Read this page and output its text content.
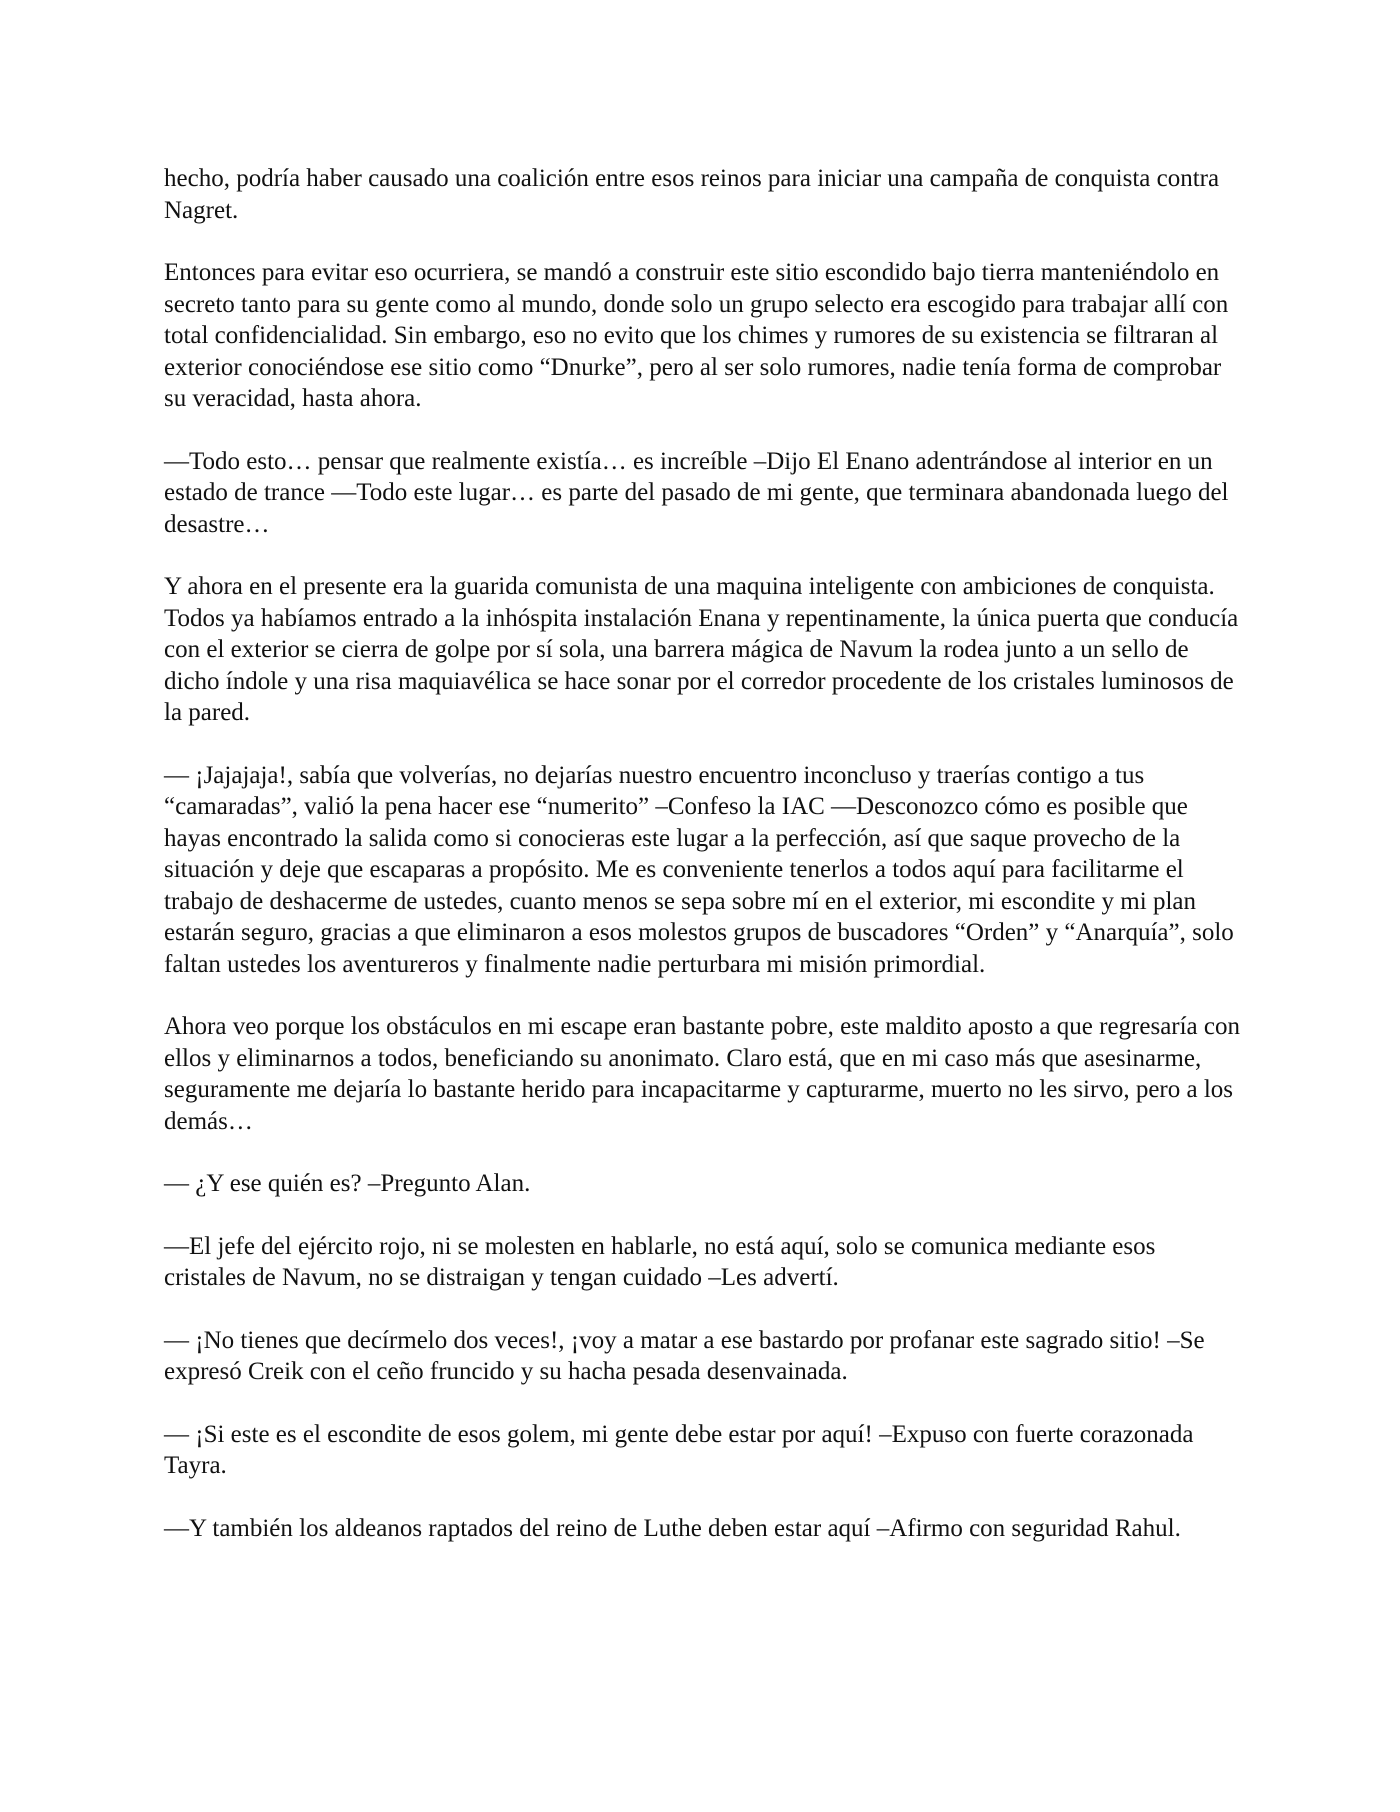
hecho, podría haber causado una coalición entre esos reinos para iniciar una campaña de conquista contra Nagret.

Entonces para evitar eso ocurriera, se mandó a construir este sitio escondido bajo tierra manteniéndolo en secreto tanto para su gente como al mundo, donde solo un grupo selecto era escogido para trabajar allí con total confidencialidad. Sin embargo, eso no evito que los chimes y rumores de su existencia se filtraran al exterior conociéndose ese sitio como “Dnurke”, pero al ser solo rumores, nadie tenía forma de comprobar su veracidad, hasta ahora.

—Todo esto… pensar que realmente existía… es increíble –Dijo El Enano adentrándose al interior en un estado de trance —Todo este lugar… es parte del pasado de mi gente, que terminara abandonada luego del desastre…

Y ahora en el presente era la guarida comunista de una maquina inteligente con ambiciones de conquista. Todos ya habíamos entrado a la inhóspita instalación Enana y repentinamente, la única puerta que conducía con el exterior se cierra de golpe por sí sola, una barrera mágica de Navum la rodea junto a un sello de dicho índole y una risa maquiavélica se hace sonar por el corredor procedente de los cristales luminosos de la pared.

— ¡Jajajaja!, sabía que volverías, no dejarías nuestro encuentro inconcluso y traerías contigo a tus “camaradas”, valió la pena hacer ese “numerito” –Confeso la IAC —Desconozco cómo es posible que hayas encontrado la salida como si conocieras este lugar a la perfección, así que saque provecho de la situación y deje que escaparas a propósito. Me es conveniente tenerlos a todos aquí para facilitarme el trabajo de deshacerme de ustedes, cuanto menos se sepa sobre mí en el exterior, mi escondite y mi plan estarán seguro, gracias a que eliminaron a esos molestos grupos de buscadores “Orden” y “Anarquía”, solo faltan ustedes los aventureros y finalmente nadie perturbara mi misión primordial.

Ahora veo porque los obstáculos en mi escape eran bastante pobre, este maldito aposto a que regresaría con ellos y eliminarnos a todos, beneficiando su anonimato. Claro está, que en mi caso más que asesinarme, seguramente me dejaría lo bastante herido para incapacitarme y capturarme, muerto no les sirvo, pero a los demás…

— ¿Y ese quién es? –Pregunto Alan.

—El jefe del ejército rojo, ni se molesten en hablarle, no está aquí, solo se comunica mediante esos cristales de Navum, no se distraigan y tengan cuidado –Les advertí.

— ¡No tienes que decírmelo dos veces!, ¡voy a matar a ese bastardo por profanar este sagrado sitio! –Se expresó Creik con el ceño fruncido y su hacha pesada desenvainada.

— ¡Si este es el escondite de esos golem, mi gente debe estar por aquí! –Expuso con fuerte corazonada Tayra.

—Y también los aldeanos raptados del reino de Luthe deben estar aquí –Afirmo con seguridad Rahul.
